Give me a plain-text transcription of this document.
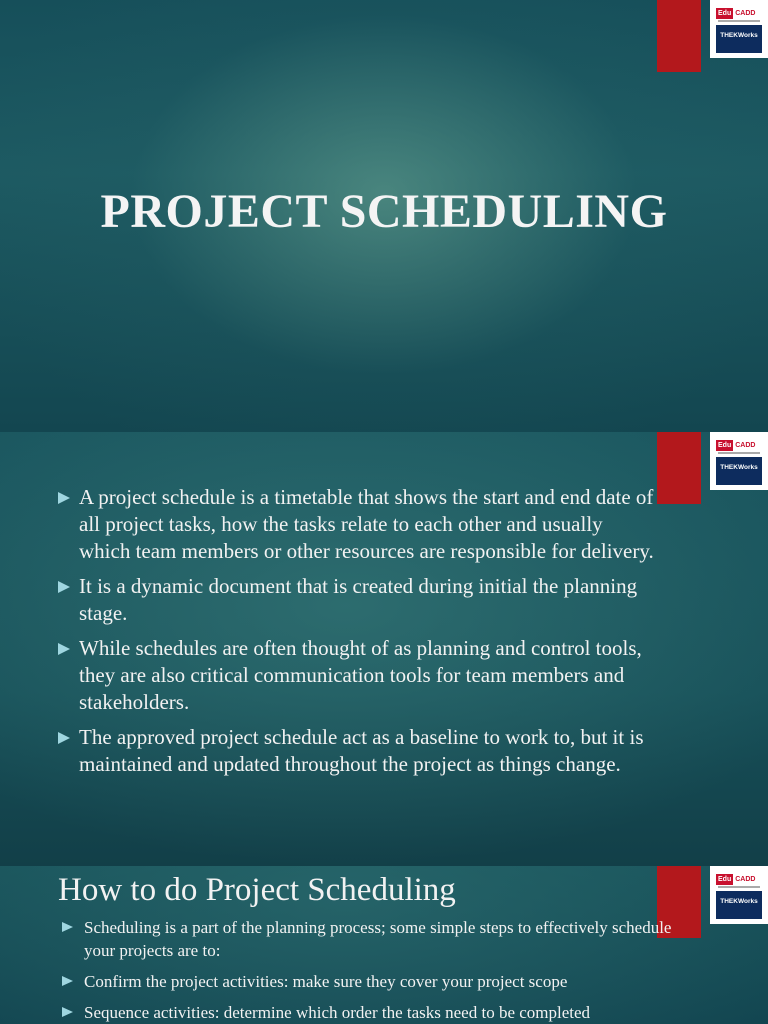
Edu CADD
THEKWorks
PROJECT SCHEDULING
Edu CADD
THEKWorks
A project schedule is a timetable that shows the start and end date of all project tasks, how the tasks relate to each other and usually which team members or other resources are responsible for delivery.
It is a dynamic document that is created during initial the planning stage.
While schedules are often thought of as planning and control tools, they are also critical communication tools for team members and stakeholders.
The approved project schedule act as a baseline to work to, but it is maintained and updated throughout the project as things change.
Edu CADD
THEKWorks
How to do Project Scheduling
Scheduling is a part of the planning process; some simple steps to effectively schedule your projects are to:
Confirm the project activities: make sure they cover your project scope
Sequence activities: determine which order the tasks need to be completed
